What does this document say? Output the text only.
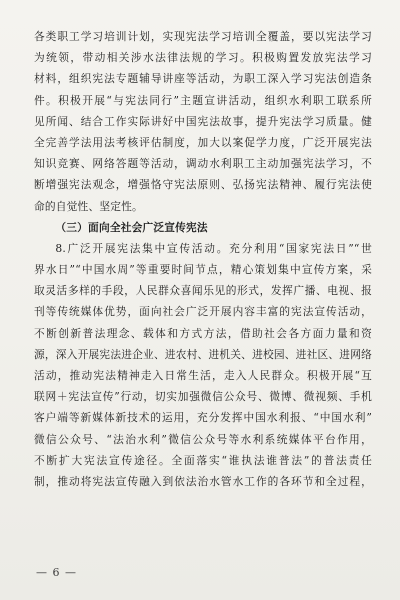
各类职工学习培训计划，实现宪法学习培训全覆盖，要以宪法学习
为统领，带动相关涉水法律法规的学习。积极购置发放宪法学习
材料，组织宪法专题辅导讲座等活动，为职工深入学习宪法创造条
件。积极开展“与宪法同行”主题宣讲活动，组织水利职工联系所
见所闻、结合工作实际讲好中国宪法故事，提升宪法学习质量。健
全完善学法用法考核评估制度，加大以案促学力度，广泛开展宪法
知识竞赛、网络答题等活动，调动水利职工主动加强宪法学习，不
断增强宪法观念，增强恪守宪法原则、弘扬宪法精神、履行宪法使
命的自觉性、坚定性。
（三）面向全社会广泛宣传宪法
8.广泛开展宪法集中宣传活动。充分利用“国家宪法日”“世
界水日”“中国水周”等重要时间节点，精心策划集中宣传方案，采
取灵活多样的手段，人民群众喜闻乐见的形式，发挥广播、电视、报
刊等传统媒体优势，面向社会广泛开展内容丰富的宪法宣传活动，
不断创新普法理念、载体和方式方法，借助社会各方面力量和资
源，深入开展宪法进企业、进农村、进机关、进校园、进社区、进网络
活动，推动宪法精神走入日常生活，走入人民群众。积极开展“互
联网＋宪法宣传”行动，切实加强微信公众号、微博、微视频、手机
客户端等新媒体新技术的运用，充分发挥中国水利报、“中国水利”
微信公众号、“法治水利”微信公众号等水利系统媒体平台作用，
不断扩大宪法宣传途径。全面落实“谁执法谁普法”的普法责任
制，推动将宪法宣传融入到依法治水管水工作的各环节和全过程，
— 6 —
